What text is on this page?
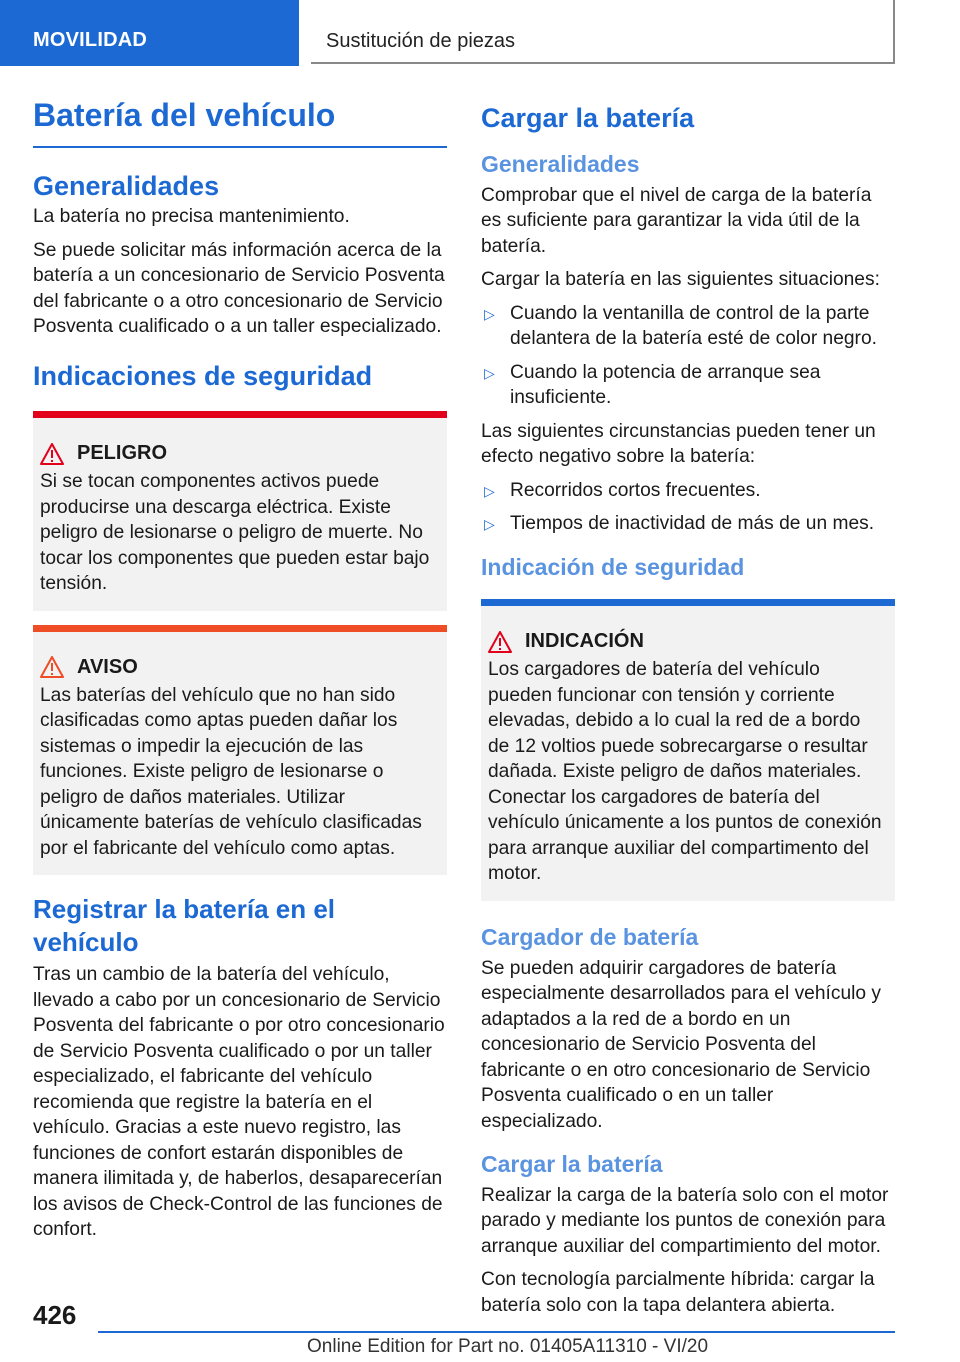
MOVILIDAD	Sustitución de piezas
Batería del vehículo
Generalidades

La batería no precisa mantenimiento.

Se puede solicitar más información acerca de la batería a un concesionario de Servicio Posventa del fabricante o a otro concesionario de Servicio Posventa cualificado o a un taller especializado.

Indicaciones de seguridad
PELIGRO

Si se tocan componentes activos puede producirse una descarga eléctrica. Existe peligro de lesionarse o peligro de muerte. No tocar los componentes que pueden estar bajo tensión.

AVISO

Las baterías del vehículo que no han sido clasificadas como aptas pueden dañar los sistemas o impedir la ejecución de las funciones. Existe peligro de lesionarse o peligro de daños materiales. Utilizar únicamente baterías de vehículo clasificadas por el fabricante del vehículo como aptas.

Registrar la batería en el vehículo

Tras un cambio de la batería del vehículo, llevado a cabo por un concesionario de Servicio Posventa del fabricante o por otro concesionario de Servicio Posventa cualificado o por un taller especializado, el fabricante del vehículo recomienda que registre la batería en el vehículo. Gracias a este nuevo registro, las funciones de confort estarán disponibles de manera ilimitada y, de haberlos, desaparecerían los avisos de Check-Control de las funciones de confort.

Cargar la batería
Generalidades

Comprobar que el nivel de carga de la batería es suficiente para garantizar la vida útil de la batería.

Cargar la batería en las siguientes situaciones:

▷ Cuando la ventanilla de control de la parte delantera de la batería esté de color negro.
▷ Cuando la potencia de arranque sea insuficiente.

Las siguientes circunstancias pueden tener un efecto negativo sobre la batería:

▷ Recorridos cortos frecuentes.
▷ Tiempos de inactividad de más de un mes.
Indicación de seguridad
INDICACIÓN

Los cargadores de batería del vehículo pueden funcionar con tensión y corriente elevadas, debido a lo cual la red de a bordo de 12 voltios puede sobrecargarse o resultar dañada. Existe peligro de daños materiales. Conectar los cargadores de batería del vehículo únicamente a los puntos de conexión para arranque auxiliar del compartimento del motor.

Cargador de batería

Se pueden adquirir cargadores de batería especialmente desarrollados para el vehículo y adaptados a la red de a bordo en un concesionario de Servicio Posventa del fabricante o en otro concesionario de Servicio Posventa cualificado o en un taller especializado.

Cargar la batería

Realizar la carga de la batería solo con el motor parado y mediante los puntos de conexión para arranque auxiliar del compartimiento del motor.

Con tecnología parcialmente híbrida: cargar la batería solo con la tapa delantera abierta.

426
Online Edition for Part no. 01405A11310 - VI/20
